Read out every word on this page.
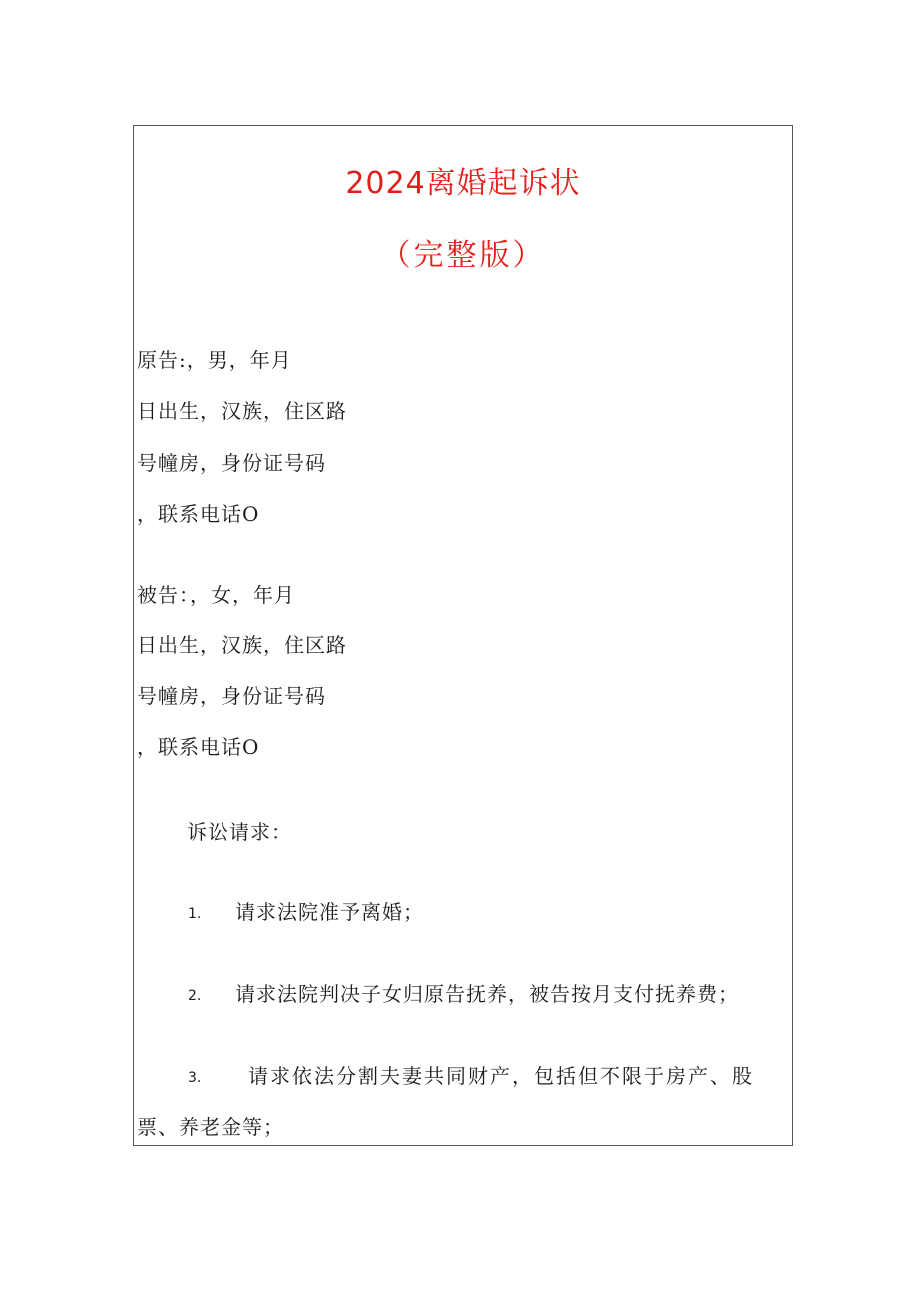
2024离婚起诉状
（完整版）
原告:，男，年月
日出生，汉族，住区路
号幢房，身份证号码
，联系电话O
被告：，女，年月
日出生，汉族，住区路
号幢房，身份证号码
，联系电话O
诉讼请求：
1. 请求法院准予离婚；
2. 请求法院判决子女归原告抚养，被告按月支付抚养费；
3. 请求依法分割夫妻共同财产，包括但不限于房产、股
票、养老金等；
